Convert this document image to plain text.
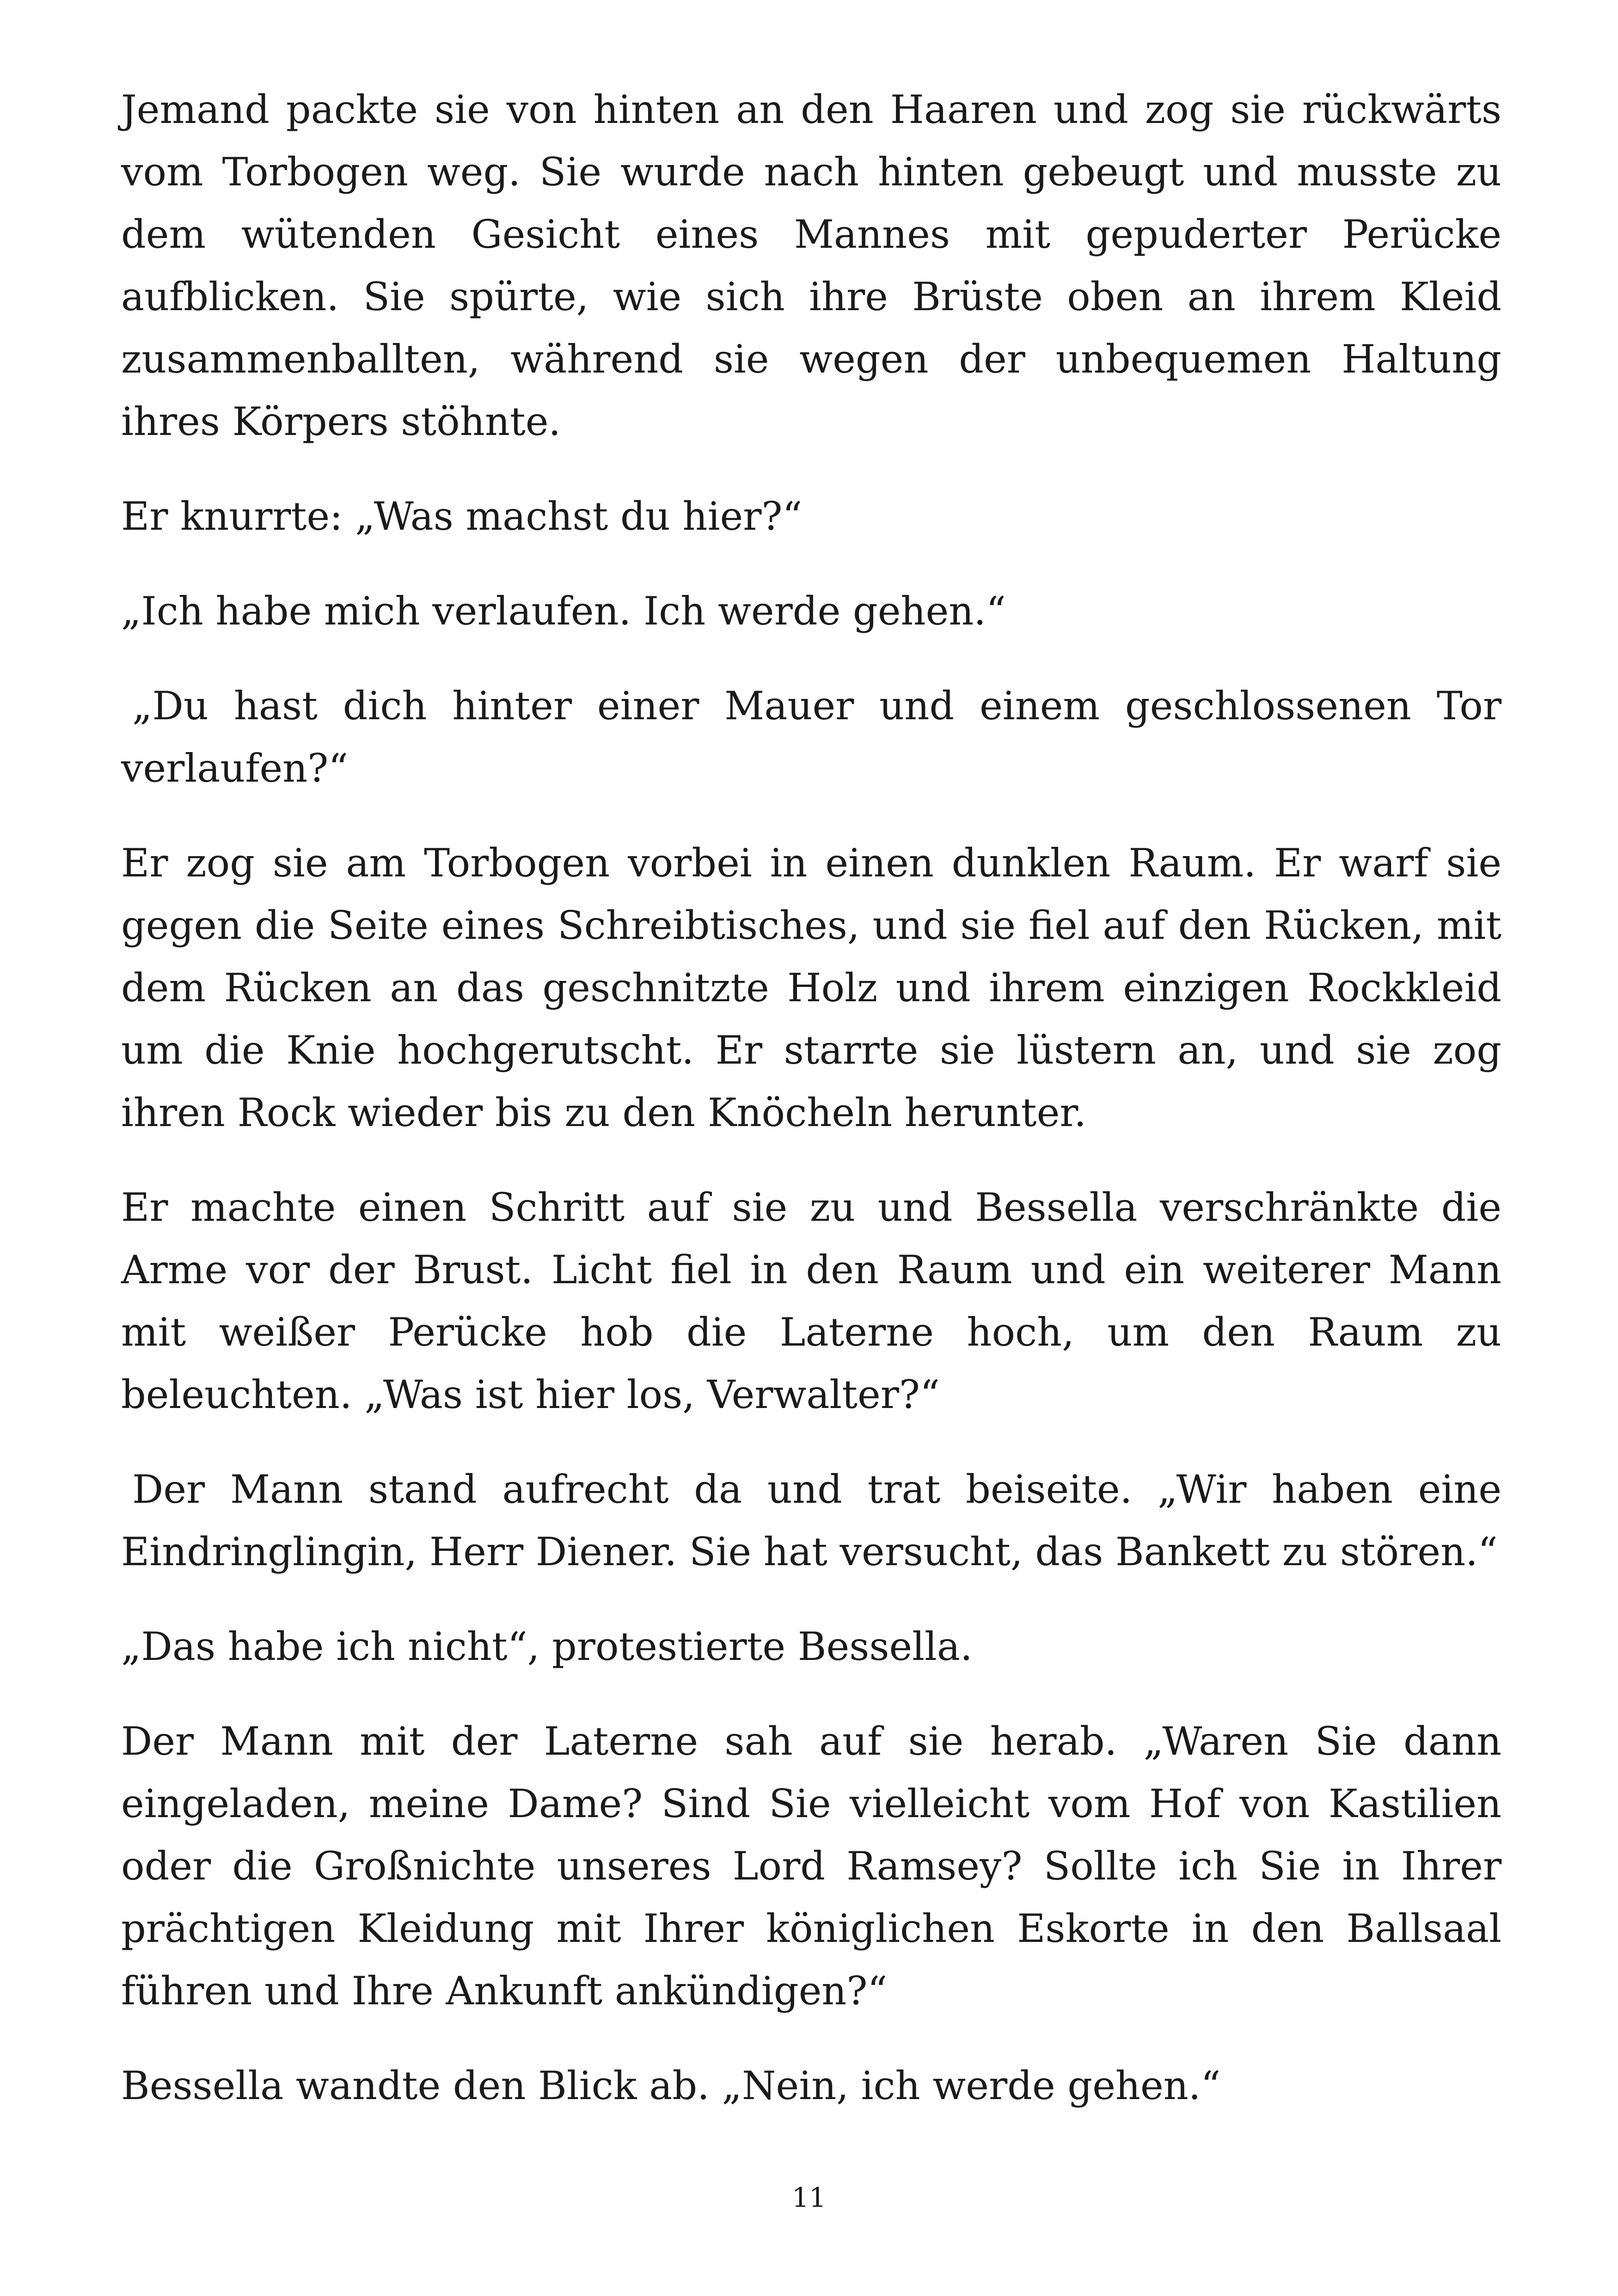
Jemand packte sie von hinten an den Haaren und zog sie rückwärts vom Torbogen weg. Sie wurde nach hinten gebeugt und musste zu dem wütenden Gesicht eines Mannes mit gepuderter Perücke aufblicken. Sie spürte, wie sich ihre Brüste oben an ihrem Kleid zusammenballten, während sie wegen der unbequemen Haltung ihres Körpers stöhnte.

Er knurrte: „Was machst du hier?“

„Ich habe mich verlaufen. Ich werde gehen.“

„Du hast dich hinter einer Mauer und einem geschlossenen Tor verlaufen?“

Er zog sie am Torbogen vorbei in einen dunklen Raum. Er warf sie gegen die Seite eines Schreibtisches, und sie fiel auf den Rücken, mit dem Rücken an das geschnitzte Holz und ihrem einzigen Rockkleid um die Knie hochgerutscht. Er starrte sie lüstern an, und sie zog ihren Rock wieder bis zu den Knöcheln herunter.

Er machte einen Schritt auf sie zu und Bessella verschränkte die Arme vor der Brust. Licht fiel in den Raum und ein weiterer Mann mit weißer Perücke hob die Laterne hoch, um den Raum zu beleuchten. „Was ist hier los, Verwalter?“

Der Mann stand aufrecht da und trat beiseite. „Wir haben eine Eindringlingin, Herr Diener. Sie hat versucht, das Bankett zu stören.“

„Das habe ich nicht“, protestierte Bessella.

Der Mann mit der Laterne sah auf sie herab. „Waren Sie dann eingeladen, meine Dame? Sind Sie vielleicht vom Hof von Kastilien oder die Großnichte unseres Lord Ramsey? Sollte ich Sie in Ihrer prächtigen Kleidung mit Ihrer königlichen Eskorte in den Ballsaal führen und Ihre Ankunft ankündigen?“

Bessella wandte den Blick ab. „Nein, ich werde gehen.“

11
